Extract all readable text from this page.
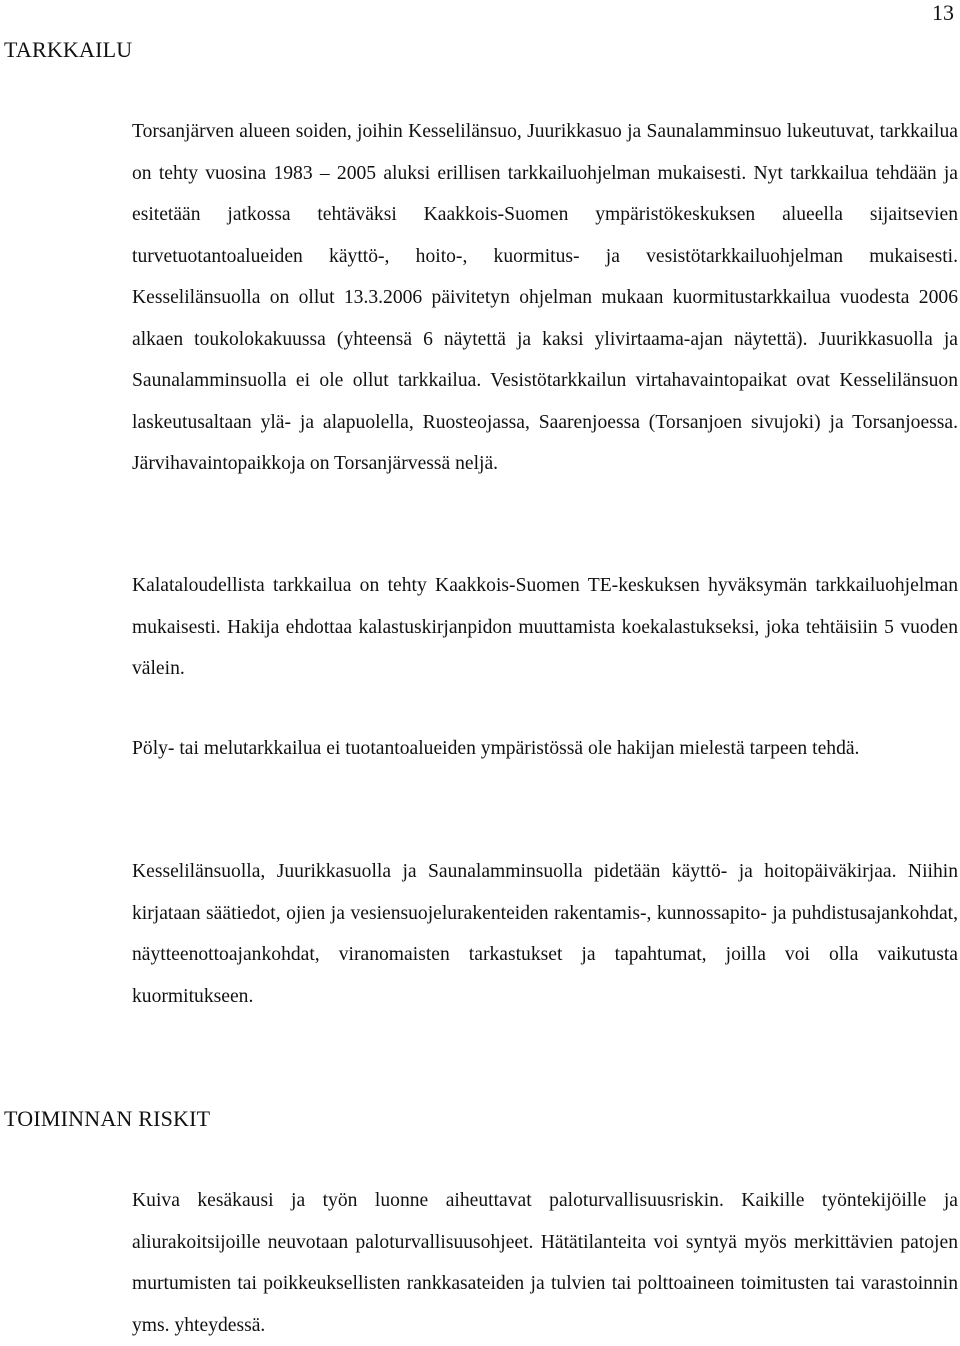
13
TARKKAILU

Torsanjärven alueen soiden, joihin Kesselilänsuo, Juurikkasuo ja Saunalamminsuo lukeutuvat, tarkkailua on tehty vuosina 1983 – 2005 aluksi erillisen tarkkailuohjelman mukaisesti. Nyt tarkkailua tehdään ja esitetään jatkossa tehtäväksi Kaakkois-Suomen ympäristökeskuksen alueella sijaitsevien turvetuotantoalueiden käyttö-, hoito-, kuormitus- ja vesistötarkkailuohjelman mukaisesti. Kesselilänsuolla on ollut 13.3.2006 päivitetyn ohjelman mukaan kuormitustarkkailua vuodesta 2006 alkaen toukolokakuussa (yhteensä 6 näytettä ja kaksi ylivirtaama-ajan näytettä). Juurikkasuolla ja Saunalamminsuolla ei ole ollut tarkkailua. Vesistötarkkailun virtahavaintopaikat ovat Kesselilänsuon laskeutusaltaan ylä- ja alapuolella, Ruosteojassa, Saarenjoessa (Torsanjoen sivujoki) ja Torsanjoessa. Järvihavaintopaikkoja on Torsanjärvessä neljä.

Kalataloudellista tarkkailua on tehty Kaakkois-Suomen TE-keskuksen hyväksymän tarkkailuohjelman mukaisesti. Hakija ehdottaa kalastuskirjanpidon muuttamista koekalastukseksi, joka tehtäisiin 5 vuoden välein.

Pöly- tai melutarkkailua ei tuotantoalueiden ympäristössä ole hakijan mielestä tarpeen tehdä.

Kesselilänsuolla, Juurikkasuolla ja Saunalamminsuolla pidetään käyttö- ja hoitopäiväkirjaa. Niihin kirjataan säätiedot, ojien ja vesiensuojelurakenteiden rakentamis-, kunnossapito- ja puhdistusajankohdat, näytteenottoajankohdat, viranomaisten tarkastukset ja tapahtumat, joilla voi olla vaikutusta kuormitukseen.

TOIMINNAN RISKIT

Kuiva kesäkausi ja työn luonne aiheuttavat paloturvallisuusriskin. Kaikille työntekijöille ja aliurakoitsijoille neuvotaan paloturvallisuusohjeet. Hätätilanteita voi syntyä myös merkittävien patojen murtumisten tai poikkeuksellisten rankkasateiden ja tulvien tai polttoaineen toimitusten tai varastoinnin yms. yhteydessä.
